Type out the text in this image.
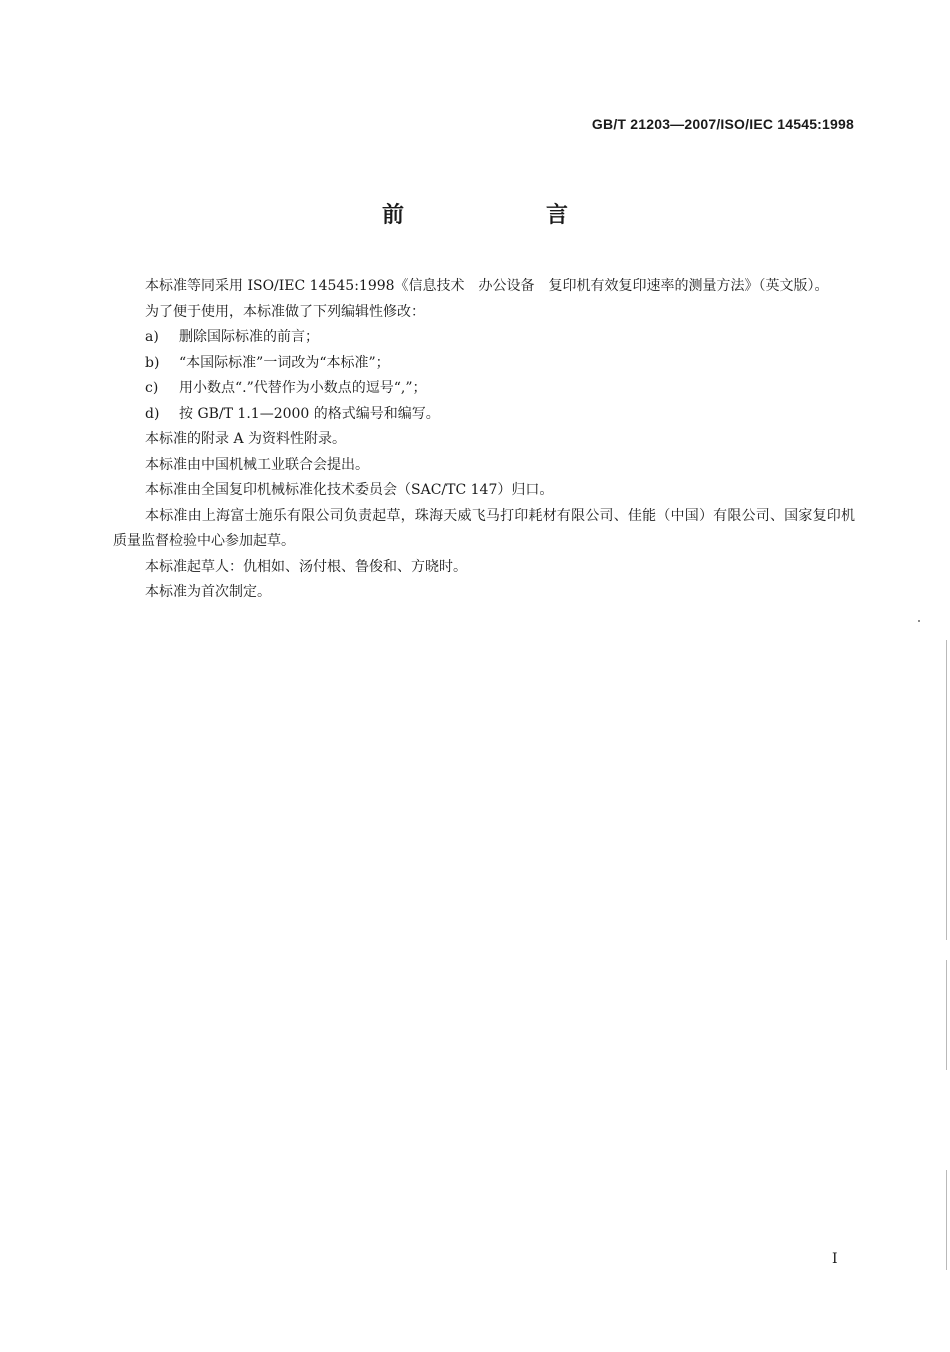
GB/T 21203—2007/ISO/IEC 14545:1998
前　言

本标准等同采用 ISO/IEC 14545:1998《信息技术　办公设备　复印机有效复印速率的测量方法》（英文版）。

为了便于使用，本标准做了下列编辑性修改：

a) 删除国际标准的前言；

b) “本国际标准”一词改为“本标准”；

c) 用小数点“.”代替作为小数点的逗号“,”；

d) 按 GB/T 1.1—2000 的格式编号和编写。

本标准的附录 A 为资料性附录。

本标准由中国机械工业联合会提出。

本标准由全国复印机械标准化技术委员会（SAC/TC 147）归口。

本标准由上海富士施乐有限公司负责起草，珠海天威飞马打印耗材有限公司、佳能（中国）有限公司、国家复印机质量监督检验中心参加起草。

本标准起草人：仇相如、汤付根、鲁俊和、方晓时。

本标准为首次制定。

I
